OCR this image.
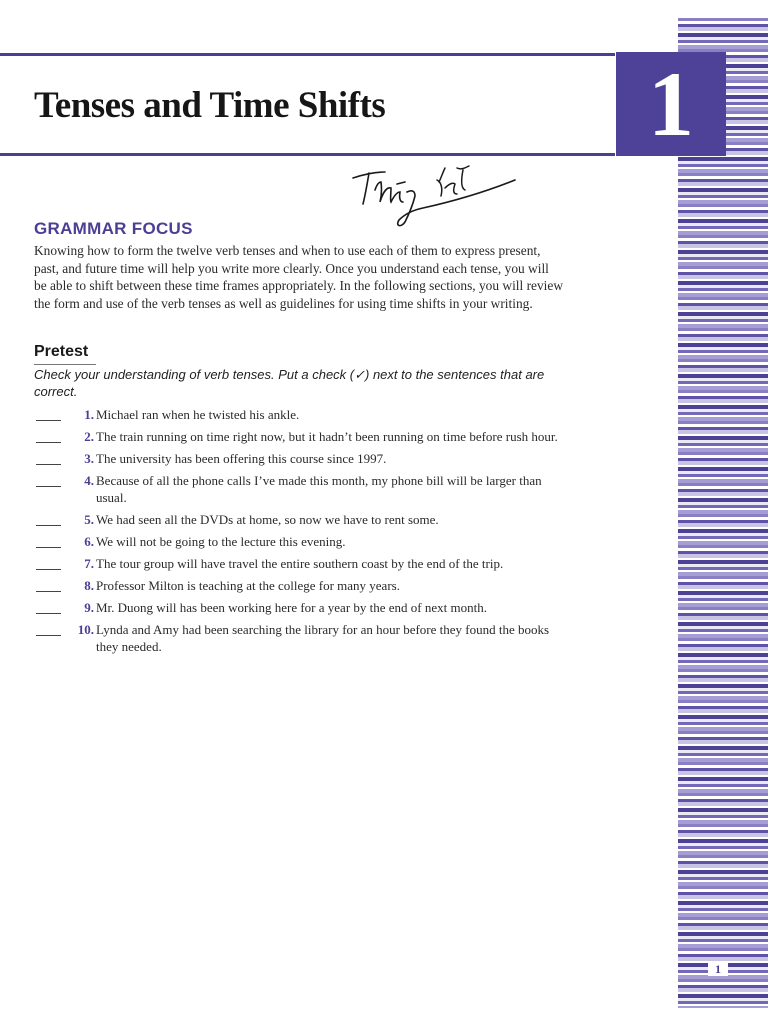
Tenses and Time Shifts	1
GRAMMAR FOCUS

Knowing how to form the twelve verb tenses and when to use each of them to express present, past, and future time will help you write more clearly. Once you understand each tense, you will be able to shift between these time frames appropriately. In the following sections, you will review the form and use of the verb tenses as well as guidelines for using time shifts in your writing.

Pretest

Check your understanding of verb tenses. Put a check (✓) next to the sentences that are correct.

1. Michael ran when he twisted his ankle.
2. The train running on time right now, but it hadn’t been running on time before rush hour.
3. The university has been offering this course since 1997.
4. Because of all the phone calls I’ve made this month, my phone bill will be larger than usual.
5. We had seen all the DVDs at home, so now we have to rent some.
6. We will not be going to the lecture this evening.
7. The tour group will have travel the entire southern coast by the end of the trip.
8. Professor Milton is teaching at the college for many years.
9. Mr. Duong will has been working here for a year by the end of next month.
10. Lynda and Amy had been searching the library for an hour before they found the books they needed.
1
